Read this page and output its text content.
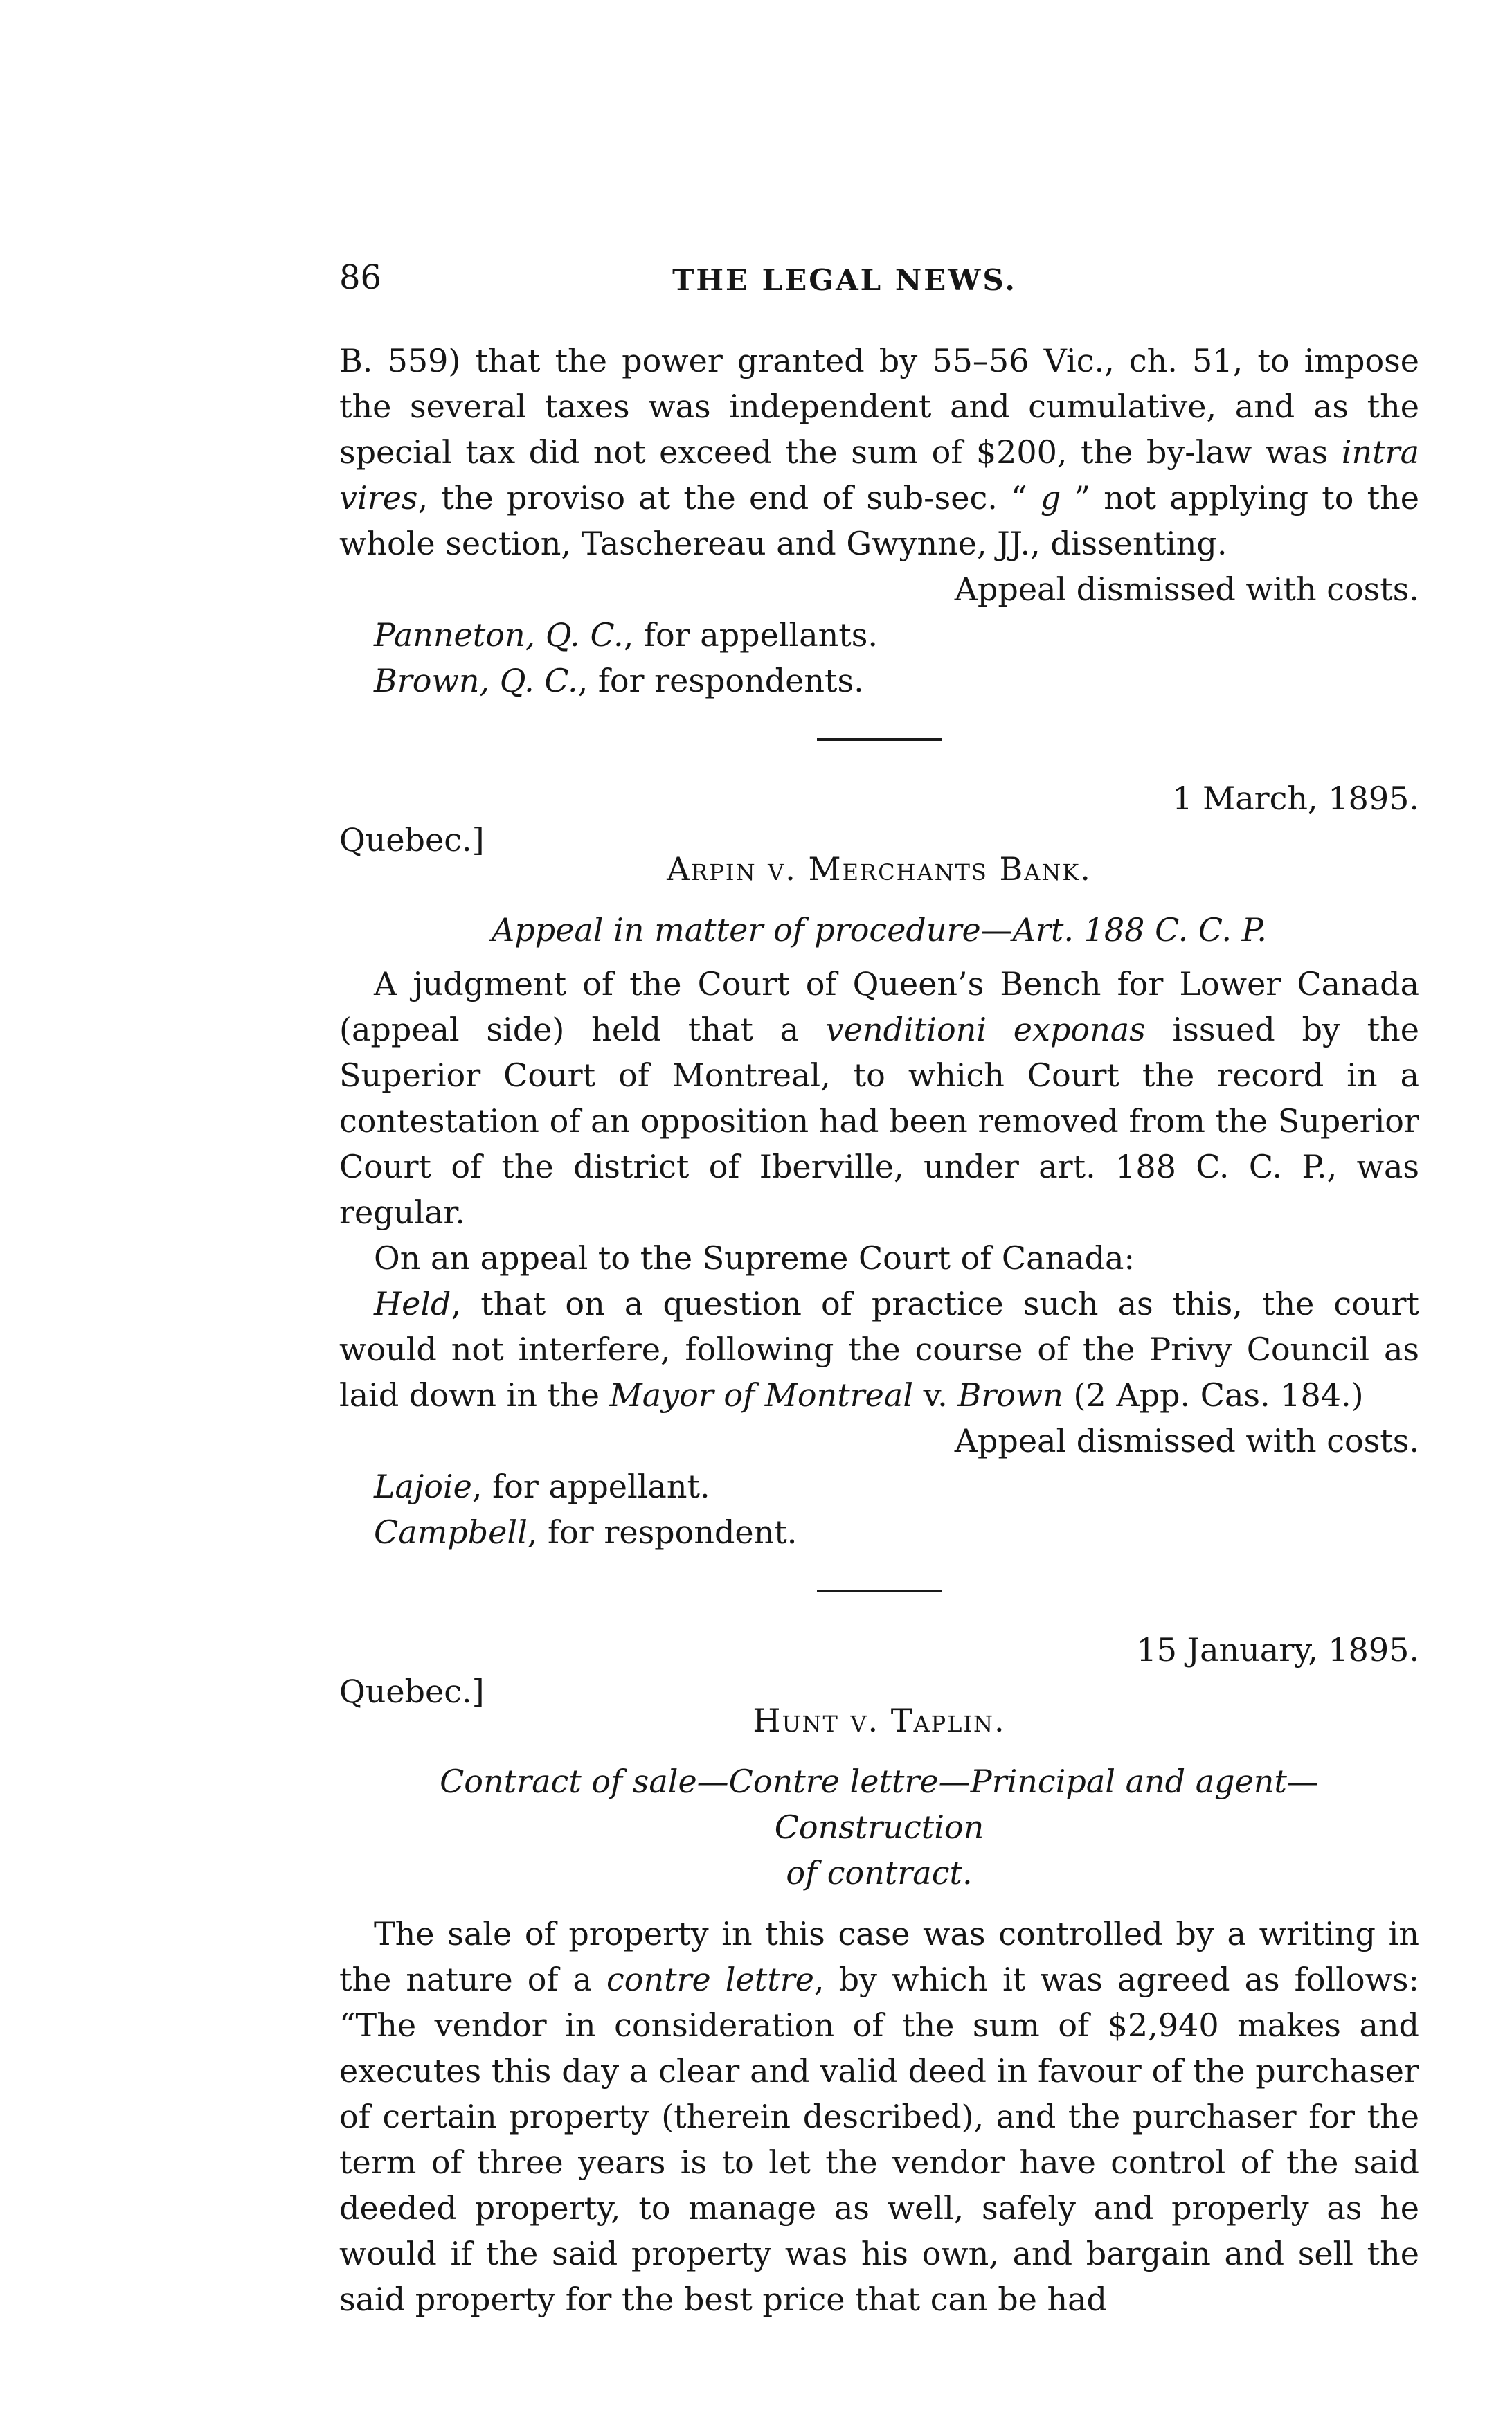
86	THE LEGAL NEWS.

B. 559) that the power granted by 55–56 Vic., ch. 51, to impose the several taxes was independent and cumulative, and as the special tax did not exceed the sum of $200, the by-law was intra vires, the proviso at the end of sub-sec. “ g ” not applying to the whole section, Taschereau and Gwynne, JJ., dissenting.

Appeal dismissed with costs.

Panneton, Q. C., for appellants.

Brown, Q. C., for respondents.

1 March, 1895.
Quebec.]
Arpin v. Merchants Bank.

Appeal in matter of procedure—Art. 188 C. C. P.

A judgment of the Court of Queen’s Bench for Lower Canada (appeal side) held that a venditioni exponas issued by the Superior Court of Montreal, to which Court the record in a contestation of an opposition had been removed from the Superior Court of the district of Iberville, under art. 188 C. C. P., was regular.

On an appeal to the Supreme Court of Canada:

Held, that on a question of practice such as this, the court would not interfere, following the course of the Privy Council as laid down in the Mayor of Montreal v. Brown (2 App. Cas. 184.)

Appeal dismissed with costs.

Lajoie, for appellant.

Campbell, for respondent.

15 January, 1895.
Quebec.]
Hunt v. Taplin.

Contract of sale—Contre lettre—Principal and agent—Construction

of contract.

The sale of property in this case was controlled by a writing in the nature of a contre lettre, by which it was agreed as follows: “The vendor in consideration of the sum of $2,940 makes and executes this day a clear and valid deed in favour of the purchaser of certain property (therein described), and the purchaser for the term of three years is to let the vendor have control of the said deeded property, to manage as well, safely and properly as he would if the said property was his own, and bargain and sell the said property for the best price that can be had
